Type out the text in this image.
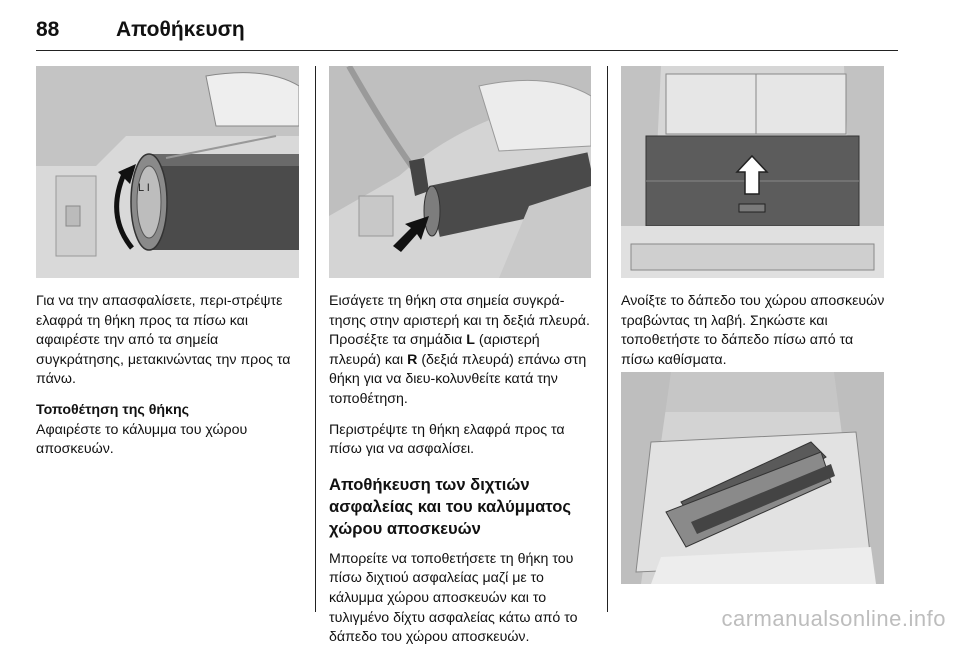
88	Αποθήκευση
L I

Για να την απασφαλίσετε, περι‐στρέψτε ελαφρά τη θήκη προς τα πίσω και αφαιρέστε την από τα σημεία συγκράτησης, μετακινώντας την προς τα πάνω.

Τοποθέτηση της θήκης

Αφαιρέστε το κάλυμμα του χώρου αποσκευών.

Εισάγετε τη θήκη στα σημεία συγκρά‐τησης στην αριστερή και τη δεξιά πλευρά. Προσέξτε τα σημάδια L (αριστερή πλευρά) και R (δεξιά πλευρά) επάνω στη θήκη για να διευ‐κολυνθείτε κατά την τοποθέτηση.

Περιστρέψτε τη θήκη ελαφρά προς τα πίσω για να ασφαλίσει.

Αποθήκευση των διχτιών ασφαλείας και του καλύμματος χώρου αποσκευών

Μπορείτε να τοποθετήσετε τη θήκη του πίσω διχτιού ασφαλείας μαζί με το κάλυμμα χώρου αποσκευών και το τυλιγμένο δίχτυ ασφαλείας κάτω από το δάπεδο του χώρου αποσκευών.

Ανοίξτε το δάπεδο του χώρου αποσκευών τραβώντας τη λαβή. Σηκώστε και τοποθετήστε το δάπεδο πίσω από τα πίσω καθίσματα.

carmanualsonline.info
